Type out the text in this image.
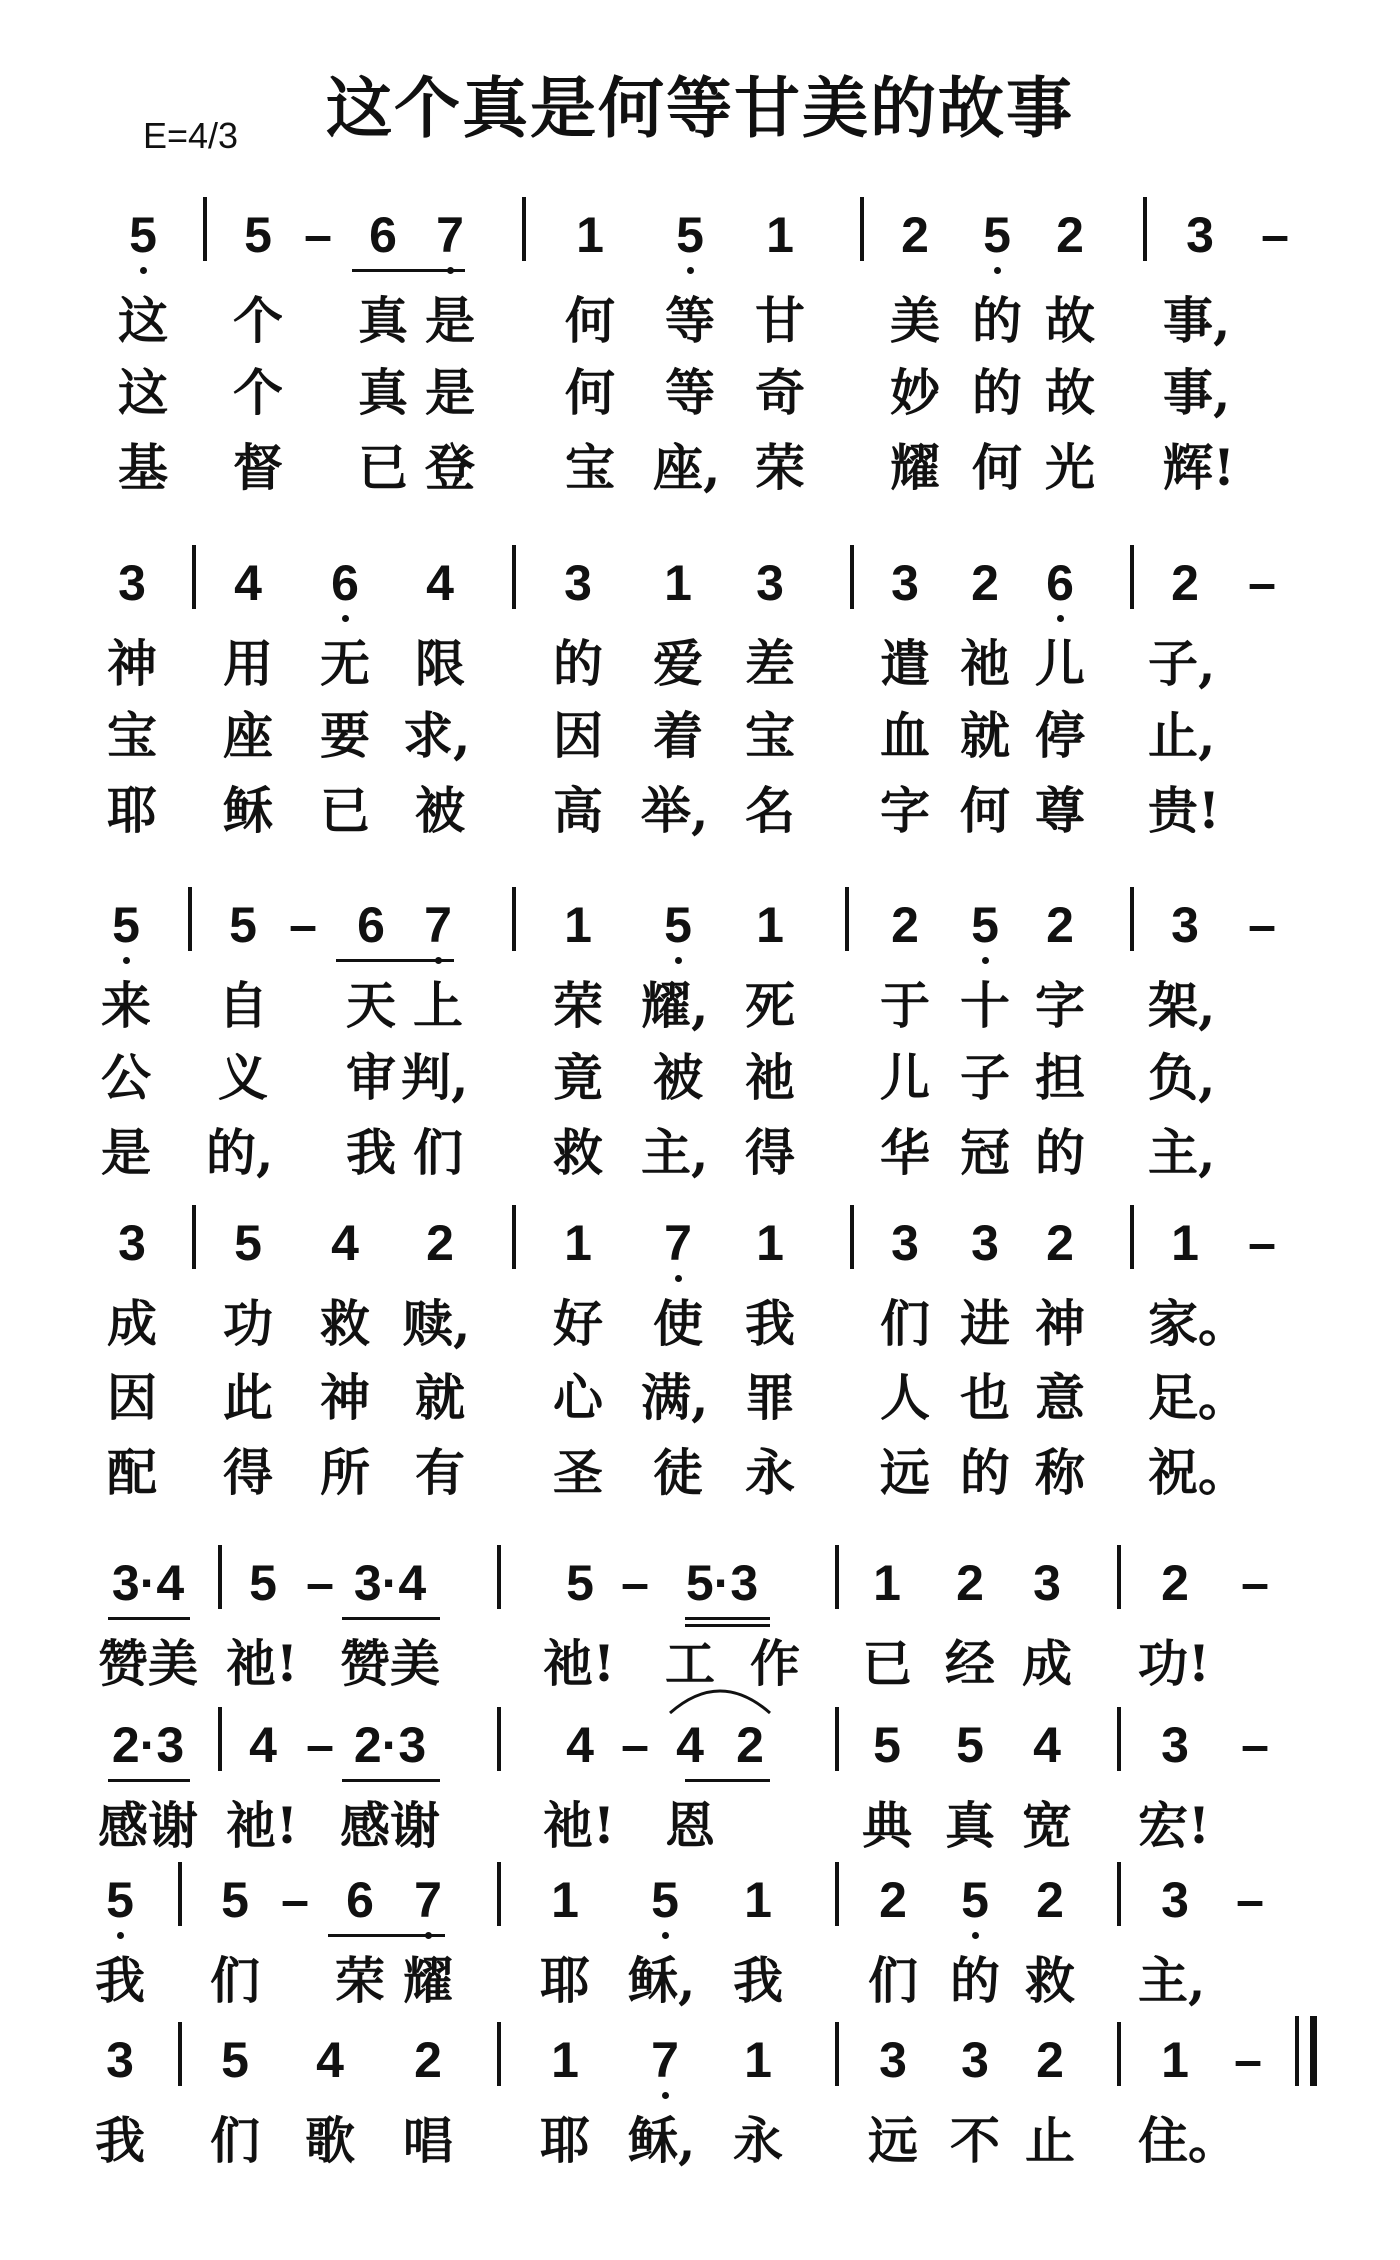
这个真是何等甘美的故事
E=4/3
5	5 – 6 7	1	5	1	2	5 2	3 –
这 个 真 是 何 等 甘 美 的 故 事,
这 个 真 是 何 等 奇 妙 的 故 事,
基 督 已 登 宝 座, 荣 耀 何 光 辉!
3	4	6	4	3	1	3	3	2 6	2 –
神 用 无 限 的 爱 差 遣 祂 儿 子,
宝 座 要 求,	因 着 宝 血 就 停 止,
耶 稣 已 被 高 举, 名 字 何 尊 贵!
5	5 – 6 7	1	5	1	2	5 2	3 –
来 自 天 上 荣 耀, 死 于 十 字 架,
公 义 审 判,	竟 被 祂 儿 子 担 负,
是 的,	我 们 救 主, 得 华 冠 的 主,
3	5	4	2	1	7	1	3	3 2	1 –
成 功 救 赎,	好 使 我 们 进 神 家。
因 此 神 就 心 满, 罪 人 也 意 足。
配 得 所 有 圣 徒 永 远 的 称 祝。
3·4	5 – 3·4	5 – 5·3	1	2 3	2	–
赞美 祂! 赞美 祂!	工 作 已 经 成 功!
2·3	4 – 2·3	4 – 4 2	5	5 4	3	–
感谢 祂! 感谢 祂!	恩	典 真 宽 宏!
5	5 – 6 7	1	5	1	2	5 2	3 –
我 们 荣 耀 耶 稣, 我 们 的 救 主,
3	5	4	2	1	7	1	3	3 2	1 –
我 们 歌 唱 耶 稣, 永 远 不 止 住。
